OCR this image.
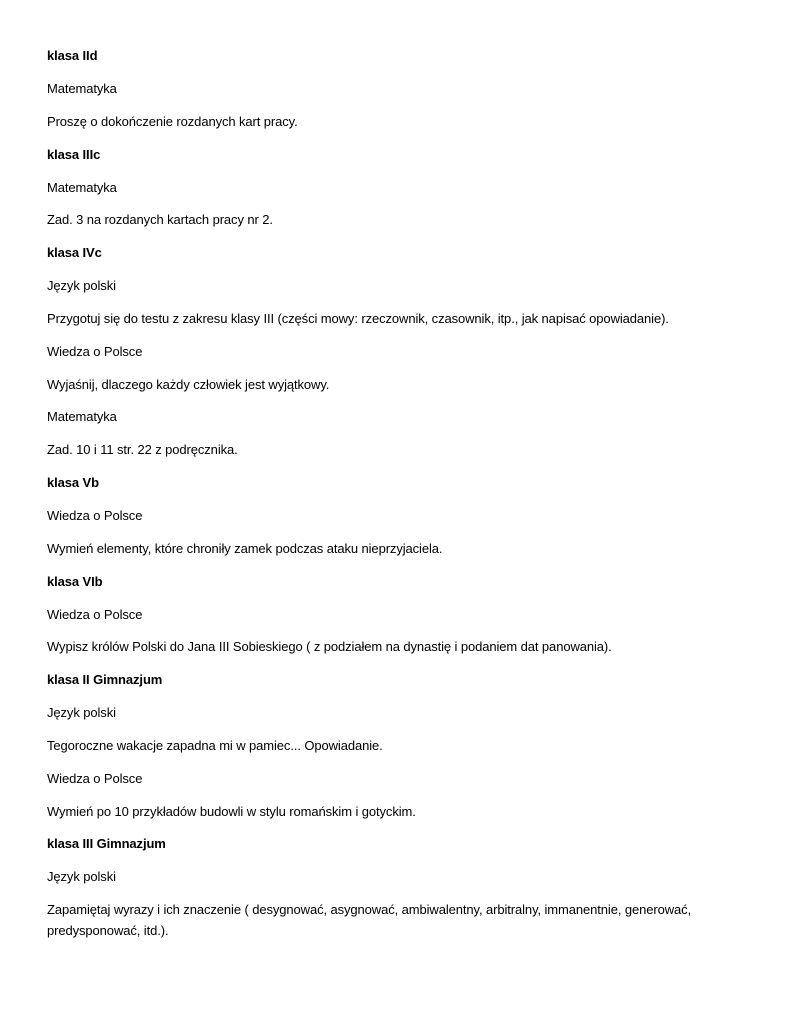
klasa IId
Matematyka
Proszę o dokończenie rozdanych kart pracy.
klasa IIIc
Matematyka
Zad. 3 na rozdanych kartach pracy nr 2.
klasa IVc
Język polski
Przygotuj się do testu z zakresu klasy III (części mowy: rzeczownik, czasownik, itp., jak napisać opowiadanie).
Wiedza o Polsce
Wyjaśnij, dlaczego każdy człowiek jest wyjątkowy.
Matematyka
Zad. 10 i 11 str. 22 z podręcznika.
klasa Vb
Wiedza o Polsce
Wymień elementy, które chroniły zamek podczas ataku nieprzyjaciela.
klasa VIb
Wiedza o Polsce
Wypisz królów Polski do Jana III Sobieskiego ( z podziałem na dynastię i podaniem dat panowania).
klasa II Gimnazjum
Język polski
Tegoroczne wakacje zapadna mi w pamiec... Opowiadanie.
Wiedza o Polsce
Wymień po 10 przykładów budowli w stylu romańskim i gotyckim.
klasa III Gimnazjum
Język polski
Zapamiętaj wyrazy i ich znaczenie ( desygnować, asygnować, ambiwalentny, arbitralny, immanentnie, generować, predysponować, itd.).
